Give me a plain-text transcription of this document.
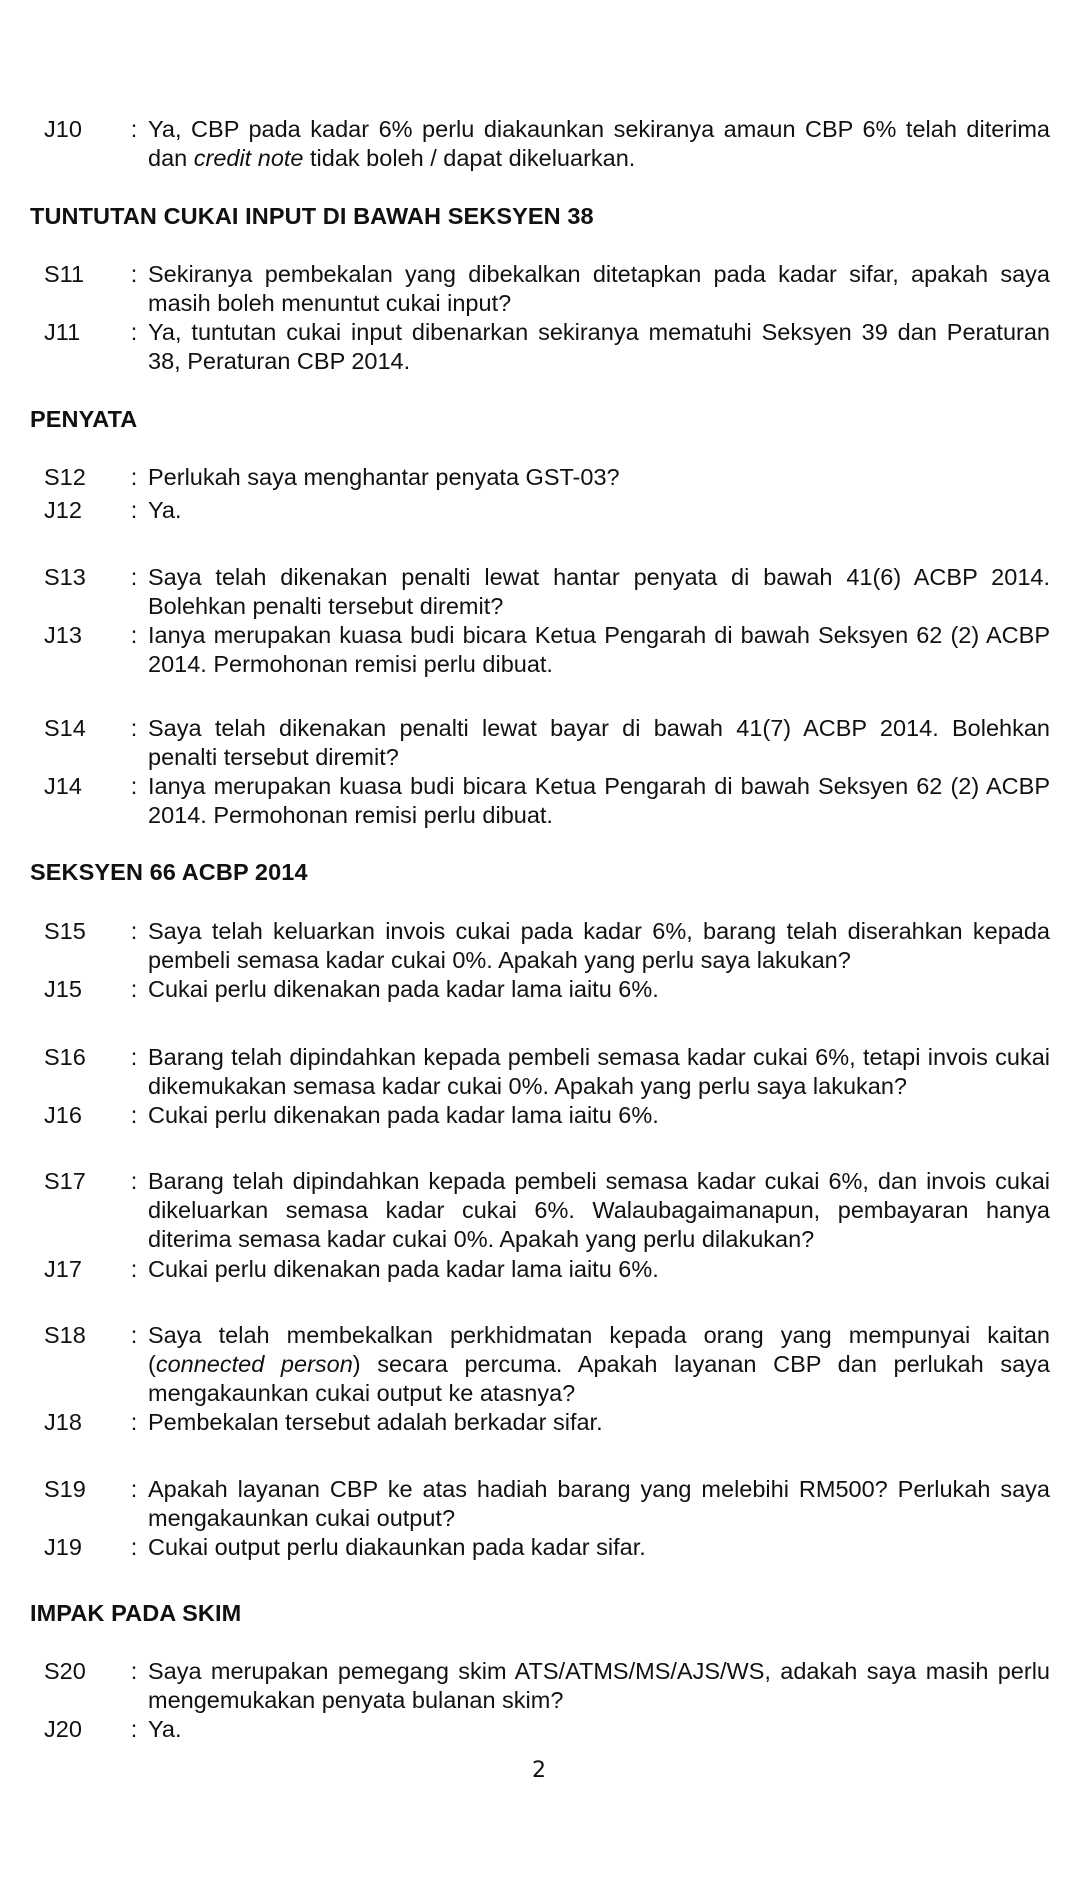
J10	: Ya, CBP pada kadar 6% perlu diakaunkan sekiranya amaun CBP 6% telah diterima dan credit note tidak boleh / dapat dikeluarkan.
TUNTUTAN CUKAI INPUT DI BAWAH SEKSYEN 38
S11	: Sekiranya pembekalan yang dibekalkan ditetapkan pada kadar sifar, apakah saya masih boleh menuntut cukai input?
J11	: Ya, tuntutan cukai input dibenarkan sekiranya mematuhi Seksyen 39 dan Peraturan 38, Peraturan CBP 2014.
PENYATA
S12	: Perlukah saya menghantar penyata GST-03?
J12	: Ya.
S13	: Saya telah dikenakan penalti lewat hantar penyata di bawah 41(6) ACBP 2014. Bolehkan penalti tersebut diremit?
J13	: Ianya merupakan kuasa budi bicara Ketua Pengarah di bawah Seksyen 62 (2) ACBP 2014. Permohonan remisi perlu dibuat.
S14	: Saya telah dikenakan penalti lewat bayar di bawah 41(7) ACBP 2014. Bolehkan penalti tersebut diremit?
J14	: Ianya merupakan kuasa budi bicara Ketua Pengarah di bawah Seksyen 62 (2) ACBP 2014. Permohonan remisi perlu dibuat.
SEKSYEN 66 ACBP 2014
S15	: Saya telah keluarkan invois cukai pada kadar 6%, barang telah diserahkan kepada pembeli semasa kadar cukai 0%. Apakah yang perlu saya lakukan?
J15	: Cukai perlu dikenakan pada kadar lama iaitu 6%.
S16	: Barang telah dipindahkan kepada pembeli semasa kadar cukai 6%, tetapi invois cukai dikemukakan semasa kadar cukai 0%. Apakah yang perlu saya lakukan?
J16	: Cukai perlu dikenakan pada kadar lama iaitu 6%.
S17	: Barang telah dipindahkan kepada pembeli semasa kadar cukai 6%, dan invois cukai dikeluarkan semasa kadar cukai 6%. Walaubagaimanapun, pembayaran hanya diterima semasa kadar cukai 0%. Apakah yang perlu dilakukan?
J17	: Cukai perlu dikenakan pada kadar lama iaitu 6%.
S18	: Saya telah membekalkan perkhidmatan kepada orang yang mempunyai kaitan (connected person) secara percuma. Apakah layanan CBP dan perlukah saya mengakaunkan cukai output ke atasnya?
J18	: Pembekalan tersebut adalah berkadar sifar.
S19	: Apakah layanan CBP ke atas hadiah barang yang melebihi RM500? Perlukah saya mengakaunkan cukai output?
J19	: Cukai output perlu diakaunkan pada kadar sifar.
IMPAK PADA SKIM
S20	: Saya merupakan pemegang skim ATS/ATMS/MS/AJS/WS, adakah saya masih perlu mengemukakan penyata bulanan skim?
J20	: Ya.
2
